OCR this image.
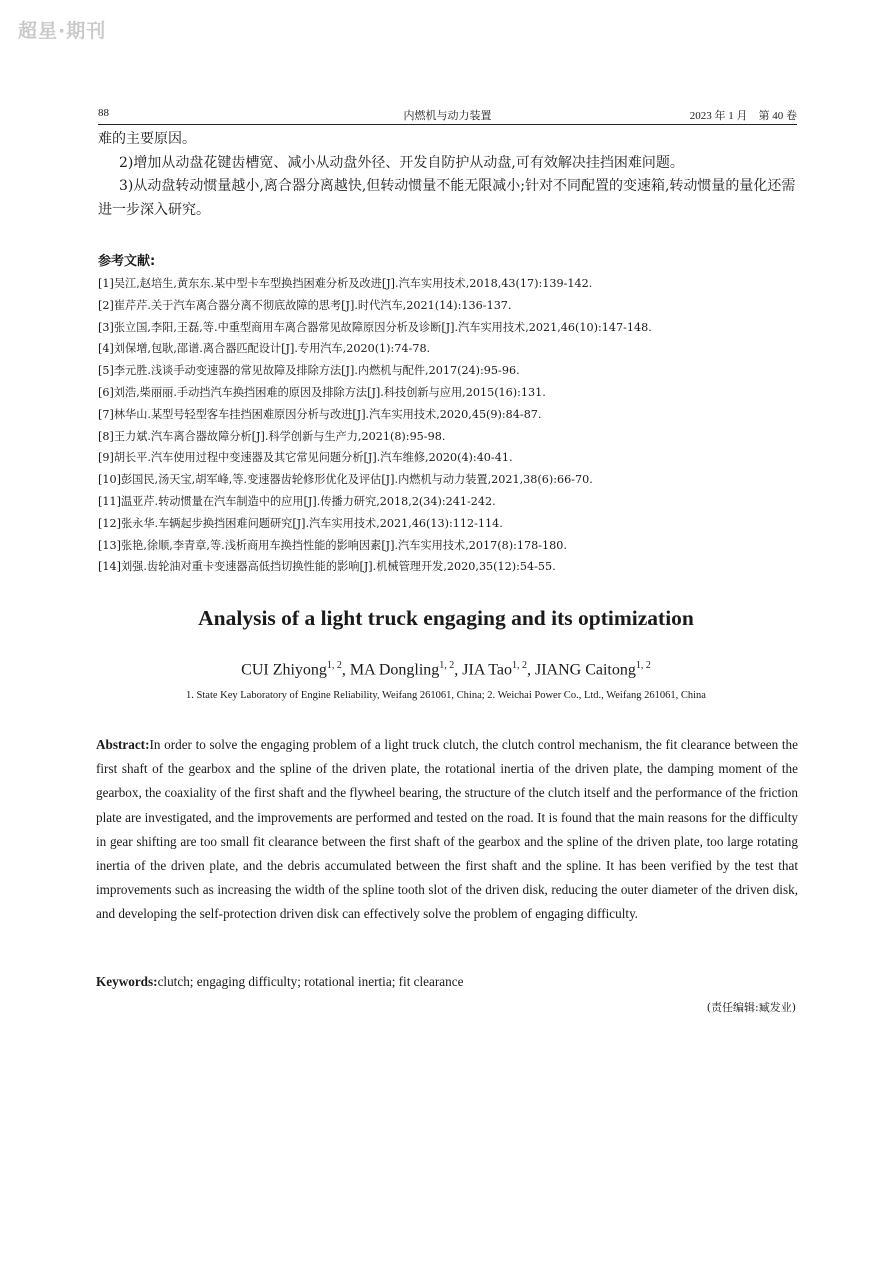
超星·期刊
88	内燃机与动力装置	2023 年 1 月　第 40 卷

难的主要原因。

2)增加从动盘花键齿槽宽、减小从动盘外径、开发自防护从动盘,可有效解决挂挡困难问题。

3)从动盘转动惯量越小,离合器分离越快,但转动惯量不能无限减小;针对不同配置的变速箱,转动惯量的量化还需进一步深入研究。

参考文献:
[1]吴江,赵培生,黄东东.某中型卡车型换挡困难分析及改进[J].汽车实用技术,2018,43(17):139-142.
[2]崔芹芹.关于汽车离合器分离不彻底故障的思考[J].时代汽车,2021(14):136-137.
[3]张立国,李阳,王磊,等.中重型商用车离合器常见故障原因分析及诊断[J].汽车实用技术,2021,46(10):147-148.
[4]刘保增,包耿,邵谱.离合器匹配设计[J].专用汽车,2020(1):74-78.
[5]李元胜.浅谈手动变速器的常见故障及排除方法[J].内燃机与配件,2017(24):95-96.
[6]刘浩,柴丽丽.手动挡汽车换挡困难的原因及排除方法[J].科技创新与应用,2015(16):131.
[7]林华山.某型号轻型客车挂挡困难原因分析与改进[J].汽车实用技术,2020,45(9):84-87.
[8]王力斌.汽车离合器故障分析[J].科学创新与生产力,2021(8):95-98.
[9]胡长平.汽车使用过程中变速器及其它常见问题分析[J].汽车维修,2020(4):40-41.
[10]彭国民,汤天宝,胡军峰,等.变速器齿轮修形优化及评估[J].内燃机与动力装置,2021,38(6):66-70.
[11]温亚芹.转动惯量在汽车制造中的应用[J].传播力研究,2018,2(34):241-242.
[12]张永华.车辆起步换挡困难问题研究[J].汽车实用技术,2021,46(13):112-114.
[13]张艳,徐顺,李青章,等.浅析商用车换挡性能的影响因素[J].汽车实用技术,2017(8):178-180.
[14]刘强.齿轮油对重卡变速器高低挡切换性能的影响[J].机械管理开发,2020,35(12):54-55.
Analysis of a light truck engaging and its optimization
CUI Zhiyong$^{1, 2}$, MA Dongling$^{1, 2}$, JIA Tao$^{1, 2}$, JIANG Caitong$^{1, 2}$
1. State Key Laboratory of Engine Reliability, Weifang 261061, China; 2. Weichai Power Co., Ltd., Weifang 261061, China
Abstract:In order to solve the engaging problem of a light truck clutch, the clutch control mechanism, the fit clearance between the first shaft of the gearbox and the spline of the driven plate, the rotational inertia of the driven plate, the damping moment of the gearbox, the coaxiality of the first shaft and the flywheel bearing, the structure of the clutch itself and the performance of the friction plate are investigated, and the improvements are performed and tested on the road. It is found that the main reasons for the difficulty in gear shifting are too small fit clearance between the first shaft of the gearbox and the spline of the driven plate, too large rotating inertia of the driven plate, and the debris accumulated between the first shaft and the spline. It has been verified by the test that improvements such as increasing the width of the spline tooth slot of the driven disk, reducing the outer diameter of the driven disk, and developing the self-protection driven disk can effectively solve the problem of engaging difficulty.
Keywords:clutch; engaging difficulty; rotational inertia; fit clearance
(责任编辑:臧发业)
